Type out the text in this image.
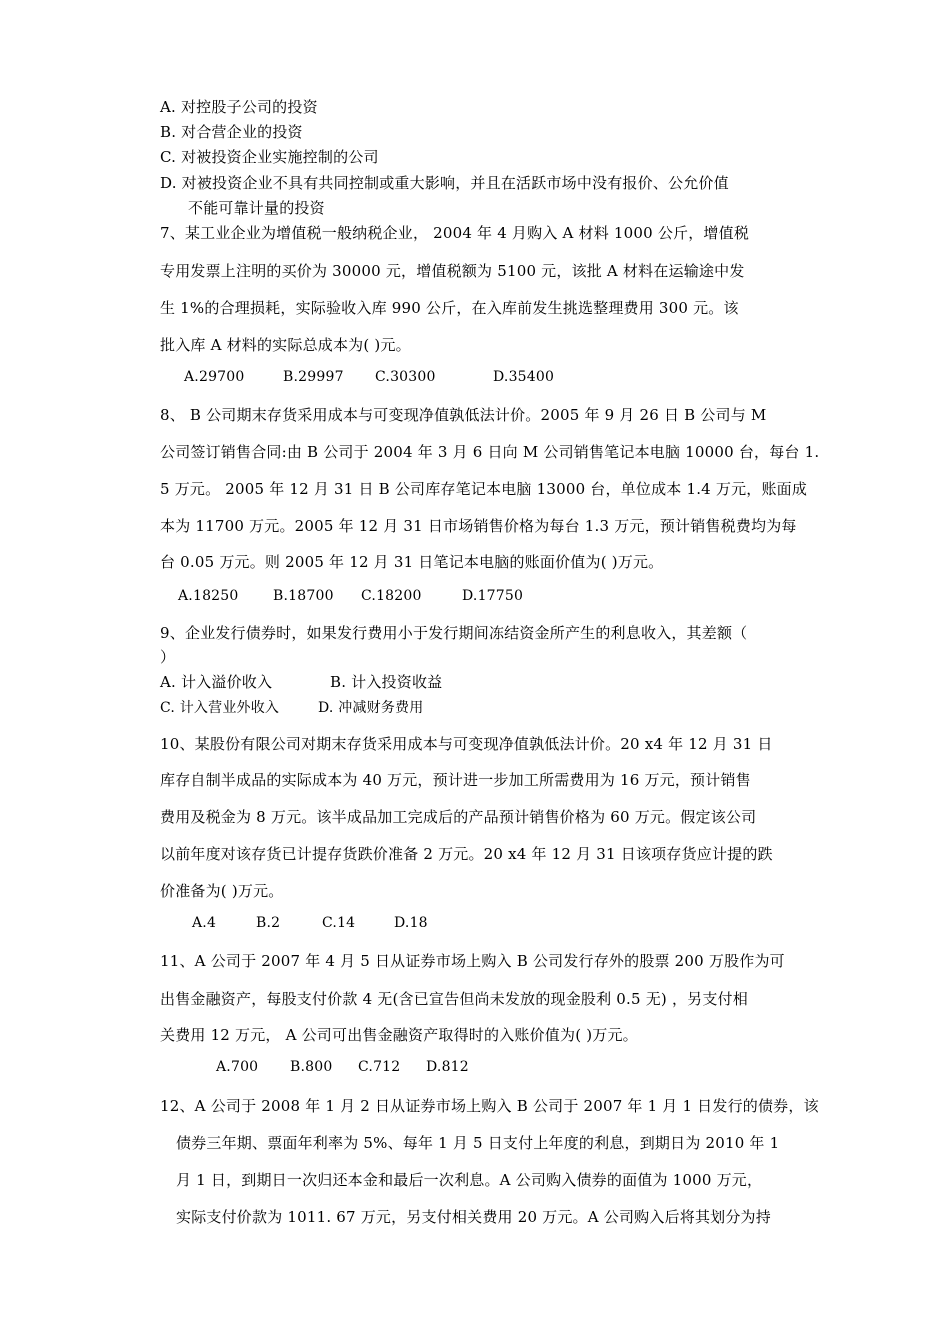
A. 对控股子公司的投资
B. 对合营企业的投资
C. 对被投资企业实施控制的公司
D. 对被投资企业不具有共同控制或重大影响，并且在活跃市场中没有报价、公允价值
不能可靠计量的投资
7、某工业企业为增值税一般纳税企业， 2004 年 4 月购入 A 材料 1000 公斤，增值税
专用发票上注明的买价为 30000 元，增值税额为 5100 元，该批 A 材料在运输途中发
生 1%的合理损耗，实际验收入库 990 公斤，在入库前发生挑选整理费用 300 元。该
批入库 A 材料的实际总成本为( )元。
A.29700	B.29997 C.30300	D.35400
8、 B 公司期末存货采用成本与可变现净值孰低法计价。2005 年 9 月 26 日 B 公司与 M
公司签订销售合同:由 B 公司于 2004 年 3 月 6 日向 M 公司销售笔记本电脑 10000 台，每台 1.
5 万元。 2005 年 12 月 31 日 B 公司库存笔记本电脑 13000 台，单位成本 1.4 万元，账面成
本为 11700 万元。2005 年 12 月 31 日市场销售价格为每台 1.3 万元，预计销售税费均为每
台 0.05 万元。则 2005 年 12 月 31 日笔记本电脑的账面价值为( )万元。
A.18250 B.18700 C.18200	D.17750
9、企业发行债券时，如果发行费用小于发行期间冻结资金所产生的利息收入，其差额（
）
A. 计入溢价收入	B. 计入投资收益
C. 计入营业外收入	D. 冲减财务费用
10、某股份有限公司对期末存货采用成本与可变现净值孰低法计价。20 x4 年 12 月 31 日
库存自制半成品的实际成本为 40 万元，预计进一步加工所需费用为 16 万元，预计销售
费用及税金为 8 万元。该半成品加工完成后的产品预计销售价格为 60 万元。假定该公司
以前年度对该存货已计提存货跌价准备 2 万元。20 x4 年 12 月 31 日该项存货应计提的跌
价准备为( )万元。
A.4	B.2	C.14	D.18
11、A 公司于 2007 年 4 月 5 日从证券市场上购入 B 公司发行存外的股票 200 万股作为可
出售金融资产，每股支付价款 4 无(含已宣告但尚未发放的现金股利 0.5 无) ，另支付相
关费用 12 万元， A 公司可出售金融资产取得时的入账价值为( )万元。
A.700 B.800 C.712 D.812
12、A 公司于 2008 年 1 月 2 日从证券市场上购入 B 公司于 2007 年 1 月 1 日发行的债券，该
债券三年期、票面年利率为 5%、每年 1 月 5 日支付上年度的利息，到期日为 2010 年 1
月 1 日，到期日一次归还本金和最后一次利息。A 公司购入债券的面值为 1000 万元，
实际支付价款为 1011. 67 万元，另支付相关费用 20 万元。A 公司购入后将其划分为持
